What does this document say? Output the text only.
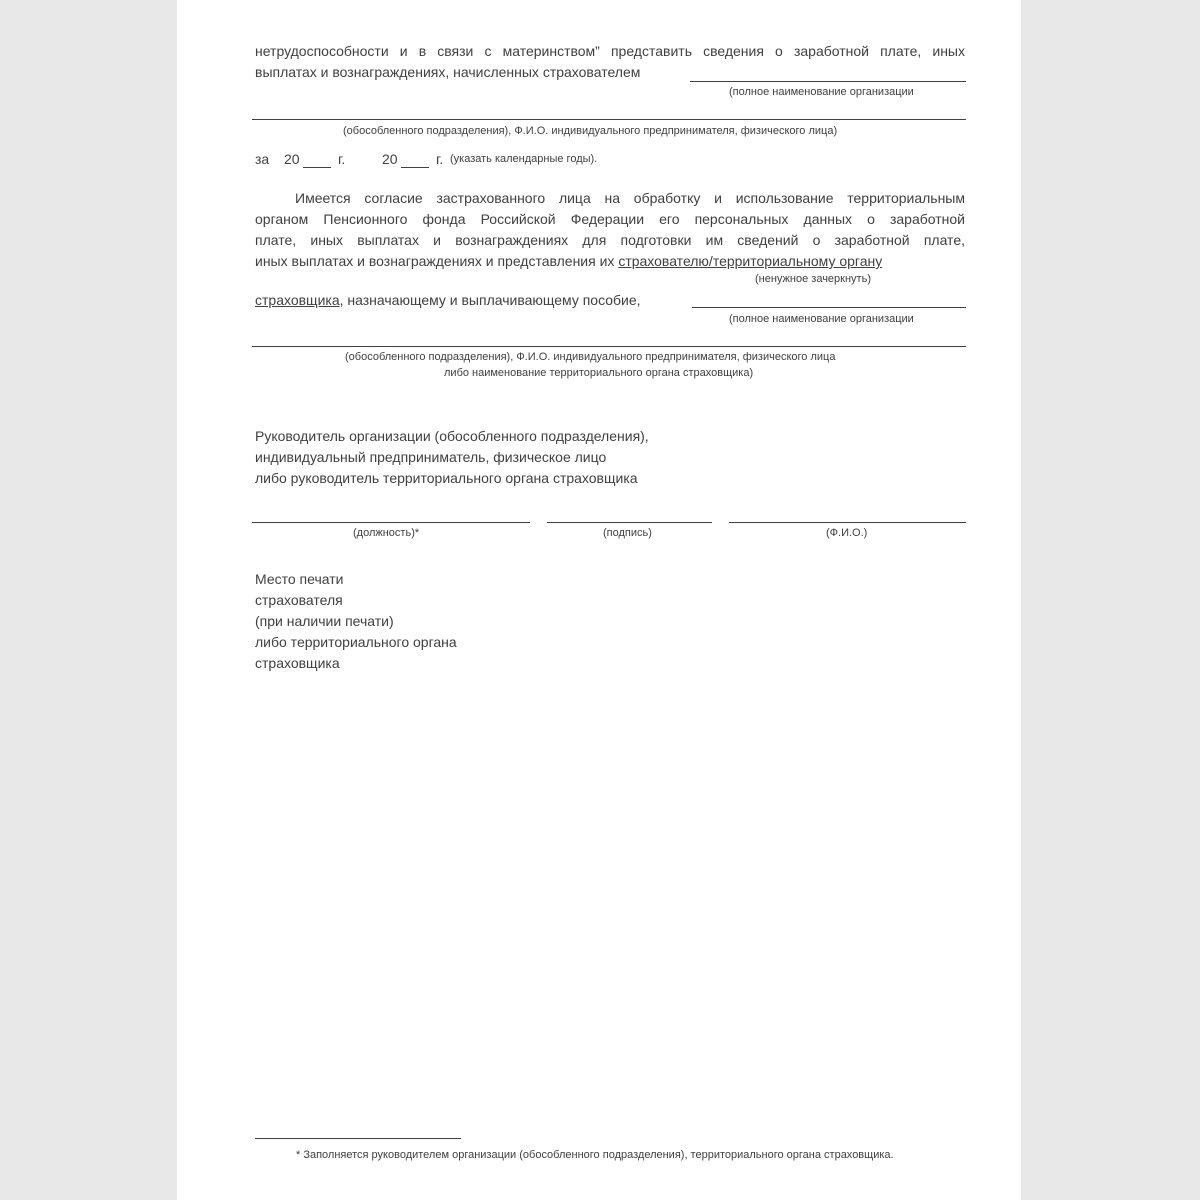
нетрудоспособности и в связи с материнством” представить сведения о заработной плате, иных
выплатах и вознаграждениях, начисленных страхователем
(полное наименование организации
(обособленного подразделения), Ф.И.О. индивидуального предпринимателя, физического лица)
за 20	г.	20	г. (указать календарные годы).
Имеется согласие застрахованного лица на обработку и использование территориальным
органом Пенсионного фонда Российской Федерации его персональных данных о заработной
плате, иных выплатах и вознаграждениях для подготовки им сведений о заработной плате,
иных выплатах и вознаграждениях и представления их страхователю/территориальному органу
(ненужное зачеркнуть)
страховщика, назначающему и выплачивающему пособие,
(полное наименование организации
(обособленного подразделения), Ф.И.О. индивидуального предпринимателя, физического лица
либо наименование территориального органа страховщика)
Руководитель организации (обособленного подразделения),
индивидуальный предприниматель, физическое лицо
либо руководитель территориального органа страховщика
(должность)*	(подпись)	(Ф.И.О.)
Место печати
страхователя
(при наличии печати)
либо территориального органа
страховщика
* Заполняется руководителем организации (обособленного подразделения), территориального органа страховщика.
